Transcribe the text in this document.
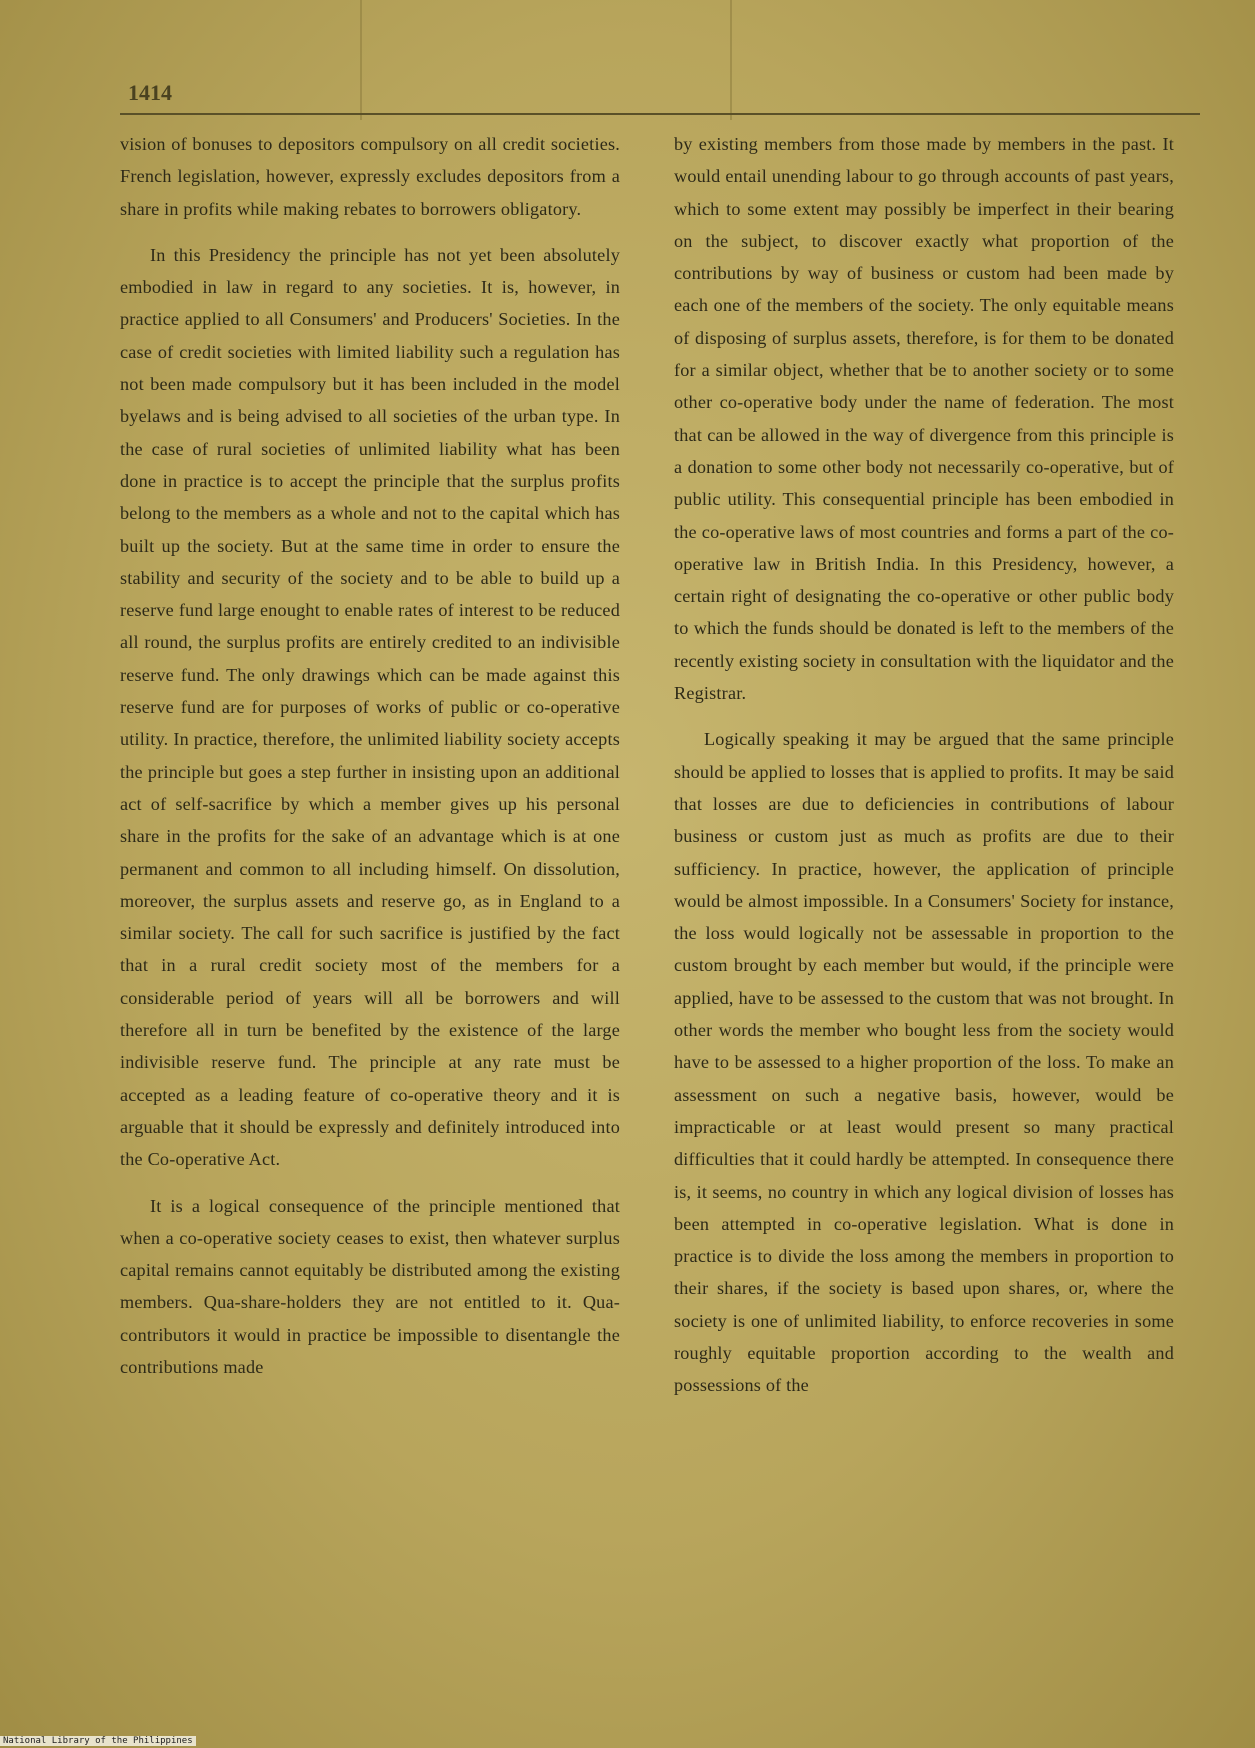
1414

vision of bonuses to depositors compulsory on all credit societies. French legislation, however, expressly excludes depositors from a share in profits while making rebates to borrowers obligatory.

In this Presidency the principle has not yet been absolutely embodied in law in regard to any societies. It is, however, in practice applied to all Consumers' and Producers' Societies. In the case of credit societies with limited liability such a regulation has not been made compulsory but it has been included in the model byelaws and is being advised to all societies of the urban type. In the case of rural societies of unlimited liability what has been done in practice is to accept the principle that the surplus profits belong to the members as a whole and not to the capital which has built up the society. But at the same time in order to ensure the stability and security of the society and to be able to build up a reserve fund large enought to enable rates of interest to be reduced all round, the surplus profits are entirely credited to an indivisible reserve fund. The only drawings which can be made against this reserve fund are for purposes of works of public or co-operative utility. In practice, therefore, the unlimited liability society accepts the principle but goes a step further in insisting upon an additional act of self-sacrifice by which a member gives up his personal share in the profits for the sake of an advantage which is at one permanent and common to all including himself. On dissolution, moreover, the surplus assets and reserve go, as in England to a similar society. The call for such sacrifice is justified by the fact that in a rural credit society most of the members for a considerable period of years will all be borrowers and will therefore all in turn be benefited by the existence of the large indivisible reserve fund. The principle at any rate must be accepted as a leading feature of co-operative theory and it is arguable that it should be expressly and definitely introduced into the Co-operative Act.

It is a logical consequence of the principle mentioned that when a co-operative society ceases to exist, then whatever surplus capital remains cannot equitably be distributed among the existing members. Qua-share-holders they are not entitled to it. Qua-contributors it would in practice be impossible to disentangle the contributions made

by existing members from those made by members in the past. It would entail unending labour to go through accounts of past years, which to some extent may possibly be imperfect in their bearing on the subject, to discover exactly what proportion of the contributions by way of business or custom had been made by each one of the members of the society. The only equitable means of disposing of surplus assets, therefore, is for them to be donated for a similar object, whether that be to another society or to some other co-operative body under the name of federation. The most that can be allowed in the way of divergence from this principle is a donation to some other body not necessarily co-operative, but of public utility. This consequential principle has been embodied in the co-operative laws of most countries and forms a part of the co-operative law in British India. In this Presidency, however, a certain right of designating the co-operative or other public body to which the funds should be donated is left to the members of the recently existing society in consultation with the liquidator and the Registrar.

Logically speaking it may be argued that the same principle should be applied to losses that is applied to profits. It may be said that losses are due to deficiencies in contributions of labour business or custom just as much as profits are due to their sufficiency. In practice, however, the application of principle would be almost impossible. In a Consumers' Society for instance, the loss would logically not be assessable in proportion to the custom brought by each member but would, if the principle were applied, have to be assessed to the custom that was not brought. In other words the member who bought less from the society would have to be assessed to a higher proportion of the loss. To make an assessment on such a negative basis, however, would be impracticable or at least would present so many practical difficulties that it could hardly be attempted. In consequence there is, it seems, no country in which any logical division of losses has been attempted in co-operative legislation. What is done in practice is to divide the loss among the members in proportion to their shares, if the society is based upon shares, or, where the society is one of unlimited liability, to enforce recoveries in some roughly equitable proportion according to the wealth and possessions of the

National Library of the Philippines
